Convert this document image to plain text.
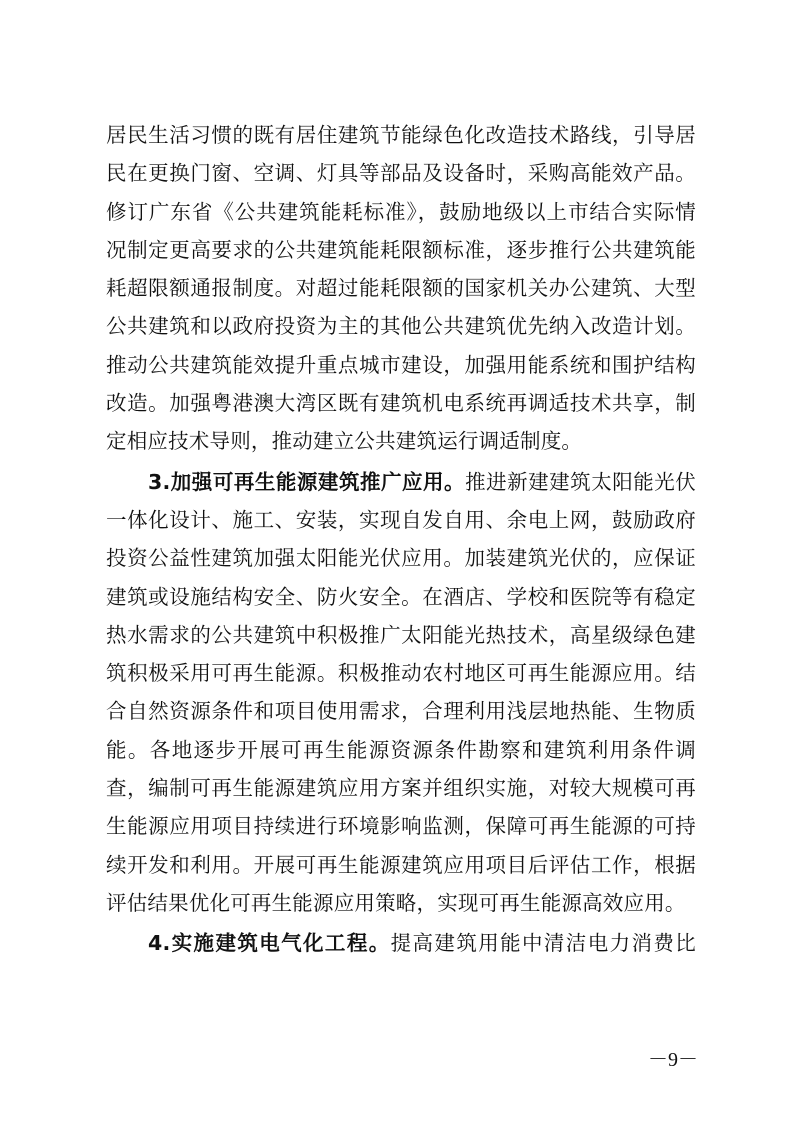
居民生活习惯的既有居住建筑节能绿色化改造技术路线，引导居
民在更换门窗、空调、灯具等部品及设备时，采购高能效产品。
修订广东省《公共建筑能耗标准》，鼓励地级以上市结合实际情
况制定更高要求的公共建筑能耗限额标准，逐步推行公共建筑能
耗超限额通报制度。对超过能耗限额的国家机关办公建筑、大型
公共建筑和以政府投资为主的其他公共建筑优先纳入改造计划。
推动公共建筑能效提升重点城市建设，加强用能系统和围护结构
改造。加强粤港澳大湾区既有建筑机电系统再调适技术共享，制
定相应技术导则，推动建立公共建筑运行调适制度。
3.加强可再生能源建筑推广应用。推进新建建筑太阳能光伏
一体化设计、施工、安装，实现自发自用、余电上网，鼓励政府
投资公益性建筑加强太阳能光伏应用。加装建筑光伏的，应保证
建筑或设施结构安全、防火安全。在酒店、学校和医院等有稳定
热水需求的公共建筑中积极推广太阳能光热技术，高星级绿色建
筑积极采用可再生能源。积极推动农村地区可再生能源应用。结
合自然资源条件和项目使用需求，合理利用浅层地热能、生物质
能。各地逐步开展可再生能源资源条件勘察和建筑利用条件调
查，编制可再生能源建筑应用方案并组织实施，对较大规模可再
生能源应用项目持续进行环境影响监测，保障可再生能源的可持
续开发和利用。开展可再生能源建筑应用项目后评估工作，根据
评估结果优化可再生能源应用策略，实现可再生能源高效应用。
4.实施建筑电气化工程。提高建筑用能中清洁电力消费比
－9－
